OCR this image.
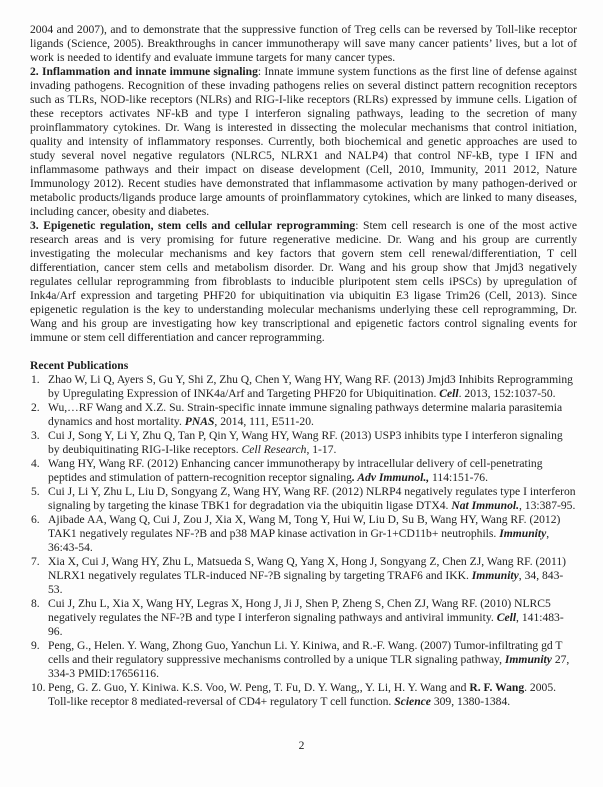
2004 and 2007), and to demonstrate that the suppressive function of Treg cells can be reversed by Toll-like receptor ligands (Science, 2005). Breakthroughs in cancer immunotherapy will save many cancer patients’ lives, but a lot of work is needed to identify and evaluate immune targets for many cancer types.

2. Inflammation and innate immune signaling: Innate immune system functions as the first line of defense against invading pathogens. Recognition of these invading pathogens relies on several distinct pattern recognition receptors such as TLRs, NOD-like receptors (NLRs) and RIG-I-like receptors (RLRs) expressed by immune cells. Ligation of these receptors activates NF-kB and type I interferon signaling pathways, leading to the secretion of many proinflammatory cytokines. Dr. Wang is interested in dissecting the molecular mechanisms that control initiation, quality and intensity of inflammatory responses. Currently, both biochemical and genetic approaches are used to study several novel negative regulators (NLRC5, NLRX1 and NALP4) that control NF-kB, type I IFN and inflammasome pathways and their impact on disease development (Cell, 2010, Immunity, 2011 2012, Nature Immunology 2012). Recent studies have demonstrated that inflammasome activation by many pathogen-derived or metabolic products/ligands produce large amounts of proinflammatory cytokines, which are linked to many diseases, including cancer, obesity and diabetes.

3. Epigenetic regulation, stem cells and cellular reprogramming: Stem cell research is one of the most active research areas and is very promising for future regenerative medicine. Dr. Wang and his group are currently investigating the molecular mechanisms and key factors that govern stem cell renewal/differentiation, T cell differentiation, cancer stem cells and metabolism disorder. Dr. Wang and his group show that Jmjd3 negatively regulates cellular reprogramming from fibroblasts to inducible pluripotent stem cells iPSCs) by upregulation of Ink4a/Arf expression and targeting PHF20 for ubiquitination via ubiquitin E3 ligase Trim26 (Cell, 2013). Since epigenetic regulation is the key to understanding molecular mechanisms underlying these cell reprogramming, Dr. Wang and his group are investigating how key transcriptional and epigenetic factors control signaling events for immune or stem cell differentiation and cancer reprogramming.

Recent Publications

1. Zhao W, Li Q, Ayers S, Gu Y, Shi Z, Zhu Q, Chen Y, Wang HY, Wang RF. (2013) Jmjd3 Inhibits Reprogramming by Upregulating Expression of INK4a/Arf and Targeting PHF20 for Ubiquitination. Cell. 2013, 152:1037-50.
2. Wu,…RF Wang and X.Z. Su. Strain-specific innate immune signaling pathways determine malaria parasitemia dynamics and host mortality. PNAS, 2014, 111, E511-20.
3. Cui J, Song Y, Li Y, Zhu Q, Tan P, Qin Y, Wang HY, Wang RF. (2013) USP3 inhibits type I interferon signaling by deubiquitinating RIG-I-like receptors. Cell Research, 1-17.
4. Wang HY, Wang RF. (2012) Enhancing cancer immunotherapy by intracellular delivery of cell-penetrating peptides and stimulation of pattern-recognition receptor signaling. Adv Immunol., 114:151-76.
5. Cui J, Li Y, Zhu L, Liu D, Songyang Z, Wang HY, Wang RF. (2012) NLRP4 negatively regulates type I interferon signaling by targeting the kinase TBK1 for degradation via the ubiquitin ligase DTX4. Nat Immunol., 13:387-95.
6. Ajibade AA, Wang Q, Cui J, Zou J, Xia X, Wang M, Tong Y, Hui W, Liu D, Su B, Wang HY, Wang RF. (2012) TAK1 negatively regulates NF-?B and p38 MAP kinase activation in Gr-1+CD11b+ neutrophils. Immunity, 36:43-54.
7. Xia X, Cui J, Wang HY, Zhu L, Matsueda S, Wang Q, Yang X, Hong J, Songyang Z, Chen ZJ, Wang RF. (2011) NLRX1 negatively regulates TLR-induced NF-?B signaling by targeting TRAF6 and IKK. Immunity, 34, 843-53.
8. Cui J, Zhu L, Xia X, Wang HY, Legras X, Hong J, Ji J, Shen P, Zheng S, Chen ZJ, Wang RF. (2010) NLRC5 negatively regulates the NF-?B and type I interferon signaling pathways and antiviral immunity. Cell, 141:483-96.
9. Peng, G., Helen. Y. Wang, Zhong Guo, Yanchun Li. Y. Kiniwa, and R.-F. Wang. (2007) Tumor-infiltrating gd T cells and their regulatory suppressive mechanisms controlled by a unique TLR signaling pathway, Immunity 27, 334-3 PMID:17656116.
10. Peng, G. Z. Guo, Y. Kiniwa. K.S. Voo, W. Peng, T. Fu, D. Y. Wang,, Y. Li, H. Y. Wang and R. F. Wang. 2005. Toll-like receptor 8 mediated-reversal of CD4+ regulatory T cell function. Science 309, 1380-1384.
2
